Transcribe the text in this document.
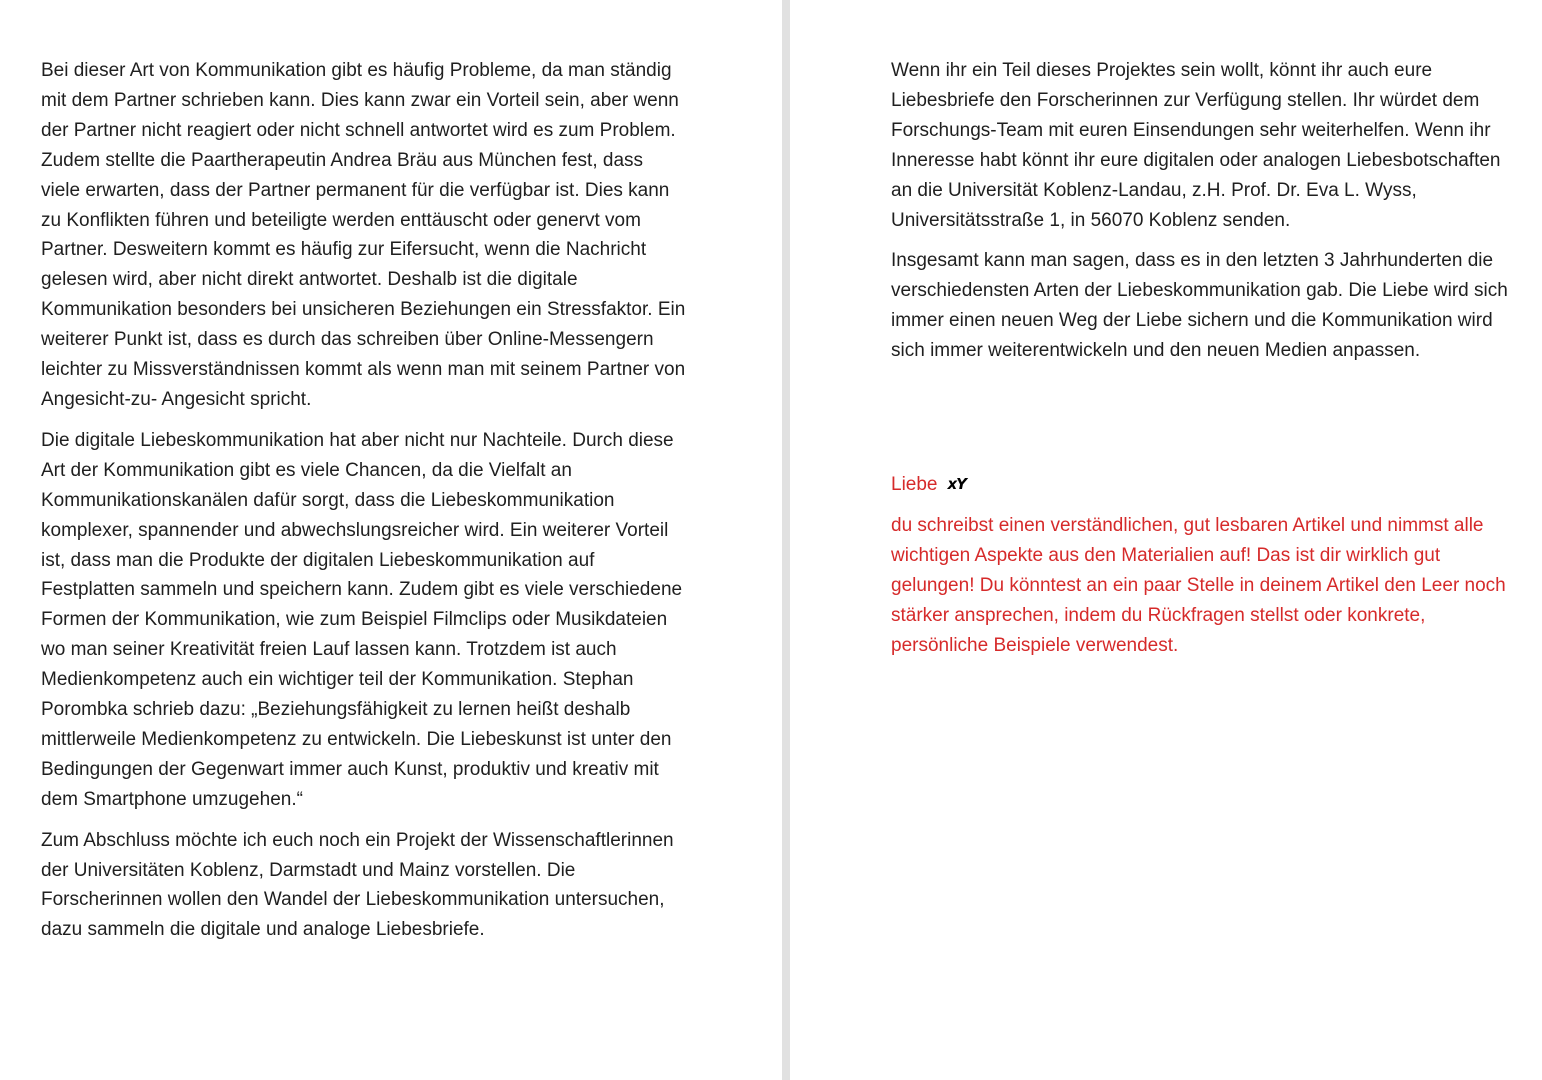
Bei dieser Art von Kommunikation gibt es häufig Probleme, da man ständig mit dem Partner schrieben kann. Dies kann zwar ein Vorteil sein, aber wenn der Partner nicht reagiert oder nicht schnell antwortet wird es zum Problem. Zudem stellte die Paartherapeutin Andrea Bräu aus München fest, dass viele erwarten, dass der Partner permanent für die verfügbar ist. Dies kann zu Konflikten führen und beteiligte werden enttäuscht oder genervt vom Partner. Desweitern kommt es häufig zur Eifersucht, wenn die Nachricht gelesen wird, aber nicht direkt antwortet. Deshalb ist die digitale Kommunikation besonders bei unsicheren Beziehungen ein Stressfaktor. Ein weiterer Punkt ist, dass es durch das schreiben über Online-Messengern leichter zu Missverständnissen kommt als wenn man mit seinem Partner von Angesicht-zu- Angesicht spricht.

Die digitale Liebeskommunikation hat aber nicht nur Nachteile. Durch diese Art der Kommunikation gibt es viele Chancen, da die Vielfalt an Kommunikationskanälen dafür sorgt, dass die Liebeskommunikation komplexer, spannender und abwechslungsreicher wird. Ein weiterer Vorteil ist, dass man die Produkte der digitalen Liebeskommunikation auf Festplatten sammeln und speichern kann. Zudem gibt es viele verschiedene Formen der Kommunikation, wie zum Beispiel Filmclips oder Musikdateien wo man seiner Kreativität freien Lauf lassen kann. Trotzdem ist auch Medienkompetenz auch ein wichtiger teil der Kommunikation. Stephan Porombka schrieb dazu: „Beziehungsfähigkeit zu lernen heißt deshalb mittlerweile Medienkompetenz zu entwickeln. Die Liebeskunst ist unter den Bedingungen der Gegenwart immer auch Kunst, produktiv und kreativ mit dem Smartphone umzugehen.“

Zum Abschluss möchte ich euch noch ein Projekt der Wissenschaftlerinnen der Universitäten Koblenz, Darmstadt und Mainz vorstellen. Die Forscherinnen wollen den Wandel der Liebeskommunikation untersuchen, dazu sammeln die digitale und analoge Liebesbriefe.

Wenn ihr ein Teil dieses Projektes sein wollt, könnt ihr auch eure Liebesbriefe den Forscherinnen zur Verfügung stellen. Ihr würdet dem Forschungs-Team mit euren Einsendungen sehr weiterhelfen. Wenn ihr Inneresse habt könnt ihr eure digitalen oder analogen Liebesbotschaften an die Universität Koblenz-Landau, z.H. Prof. Dr. Eva L. Wyss, Universitätsstraße 1, in 56070 Koblenz senden.

Insgesamt kann man sagen, dass es in den letzten 3 Jahrhunderten die verschiedensten Arten der Liebeskommunikation gab. Die Liebe wird sich immer einen neuen Weg der Liebe sichern und die Kommunikation wird sich immer weiterentwickeln und den neuen Medien anpassen.

Liebe xY

du schreibst einen verständlichen, gut lesbaren Artikel und nimmst alle wichtigen Aspekte aus den Materialien auf! Das ist dir wirklich gut gelungen! Du könntest an ein paar Stelle in deinem Artikel den Leer noch stärker ansprechen, indem du Rückfragen stellst oder konkrete, persönliche Beispiele verwendest.
